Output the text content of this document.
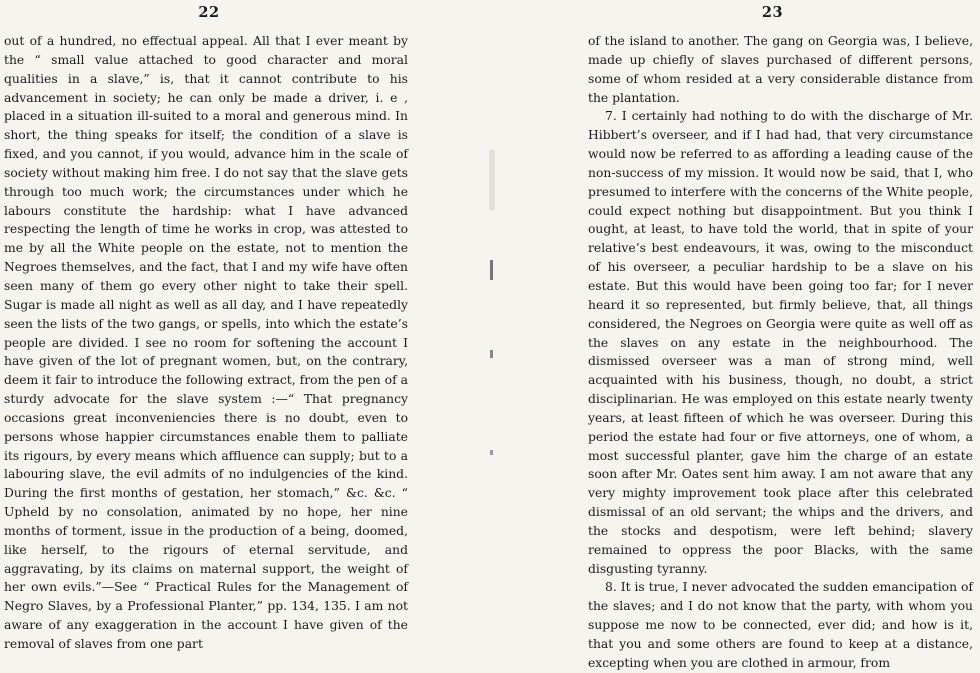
22

out of a hundred, no effectual appeal. All that I ever meant by the “ small value attached to good character and moral qualities in a slave,” is, that it cannot contribute to his advancement in society; he can only be made a driver, i. e , placed in a situation ill-suited to a moral and generous mind. In short, the thing speaks for itself; the condition of a slave is fixed, and you cannot, if you would, advance him in the scale of society without making him free. I do not say that the slave gets through too much work; the circumstances under which he labours constitute the hardship: what I have advanced respecting the length of time he works in crop, was attested to me by all the White people on the estate, not to mention the Negroes themselves, and the fact, that I and my wife have often seen many of them go every other night to take their spell. Sugar is made all night as well as all day, and I have repeatedly seen the lists of the two gangs, or spells, into which the estate’s people are divided. I see no room for softening the account I have given of the lot of pregnant women, but, on the contrary, deem it fair to introduce the following extract, from the pen of a sturdy advocate for the slave system :—“ That pregnancy occasions great inconveniencies there is no doubt, even to persons whose happier circumstances enable them to palliate its rigours, by every means which affluence can supply; but to a labouring slave, the evil admits of no indulgencies of the kind. During the first months of gestation, her stomach,” &c. &c. “ Upheld by no consolation, animated by no hope, her nine months of torment, issue in the production of a being, doomed, like herself, to the rigours of eternal servitude, and aggravating, by its claims on maternal support, the weight of her own evils.”—See “ Practical Rules for the Management of Negro Slaves, by a Professional Planter,” pp. 134, 135. I am not aware of any exaggeration in the account I have given of the removal of slaves from one part

23

of the island to another. The gang on Georgia was, I believe, made up chiefly of slaves purchased of different persons, some of whom resided at a very considerable distance from the plantation.

7. I certainly had nothing to do with the discharge of Mr. Hibbert’s overseer, and if I had had, that very circumstance would now be referred to as affording a leading cause of the non-success of my mission. It would now be said, that I, who presumed to interfere with the concerns of the White people, could expect nothing but disappointment. But you think I ought, at least, to have told the world, that in spite of your relative’s best endeavours, it was, owing to the misconduct of his overseer, a peculiar hardship to be a slave on his estate. But this would have been going too far; for I never heard it so represented, but firmly believe, that, all things considered, the Negroes on Georgia were quite as well off as the slaves on any estate in the neighbourhood. The dismissed overseer was a man of strong mind, well acquainted with his business, though, no doubt, a strict disciplinarian. He was employed on this estate nearly twenty years, at least fifteen of which he was overseer. During this period the estate had four or five attorneys, one of whom, a most successful planter, gave him the charge of an estate soon after Mr. Oates sent him away. I am not aware that any very mighty improvement took place after this celebrated dismissal of an old servant; the whips and the drivers, and the stocks and despotism, were left behind; slavery remained to oppress the poor Blacks, with the same disgusting tyranny.

8. It is true, I never advocated the sudden emancipation of the slaves; and I do not know that the party, with whom you suppose me now to be connected, ever did; and how is it, that you and some others are found to keep at a distance, excepting when you are clothed in armour, from
